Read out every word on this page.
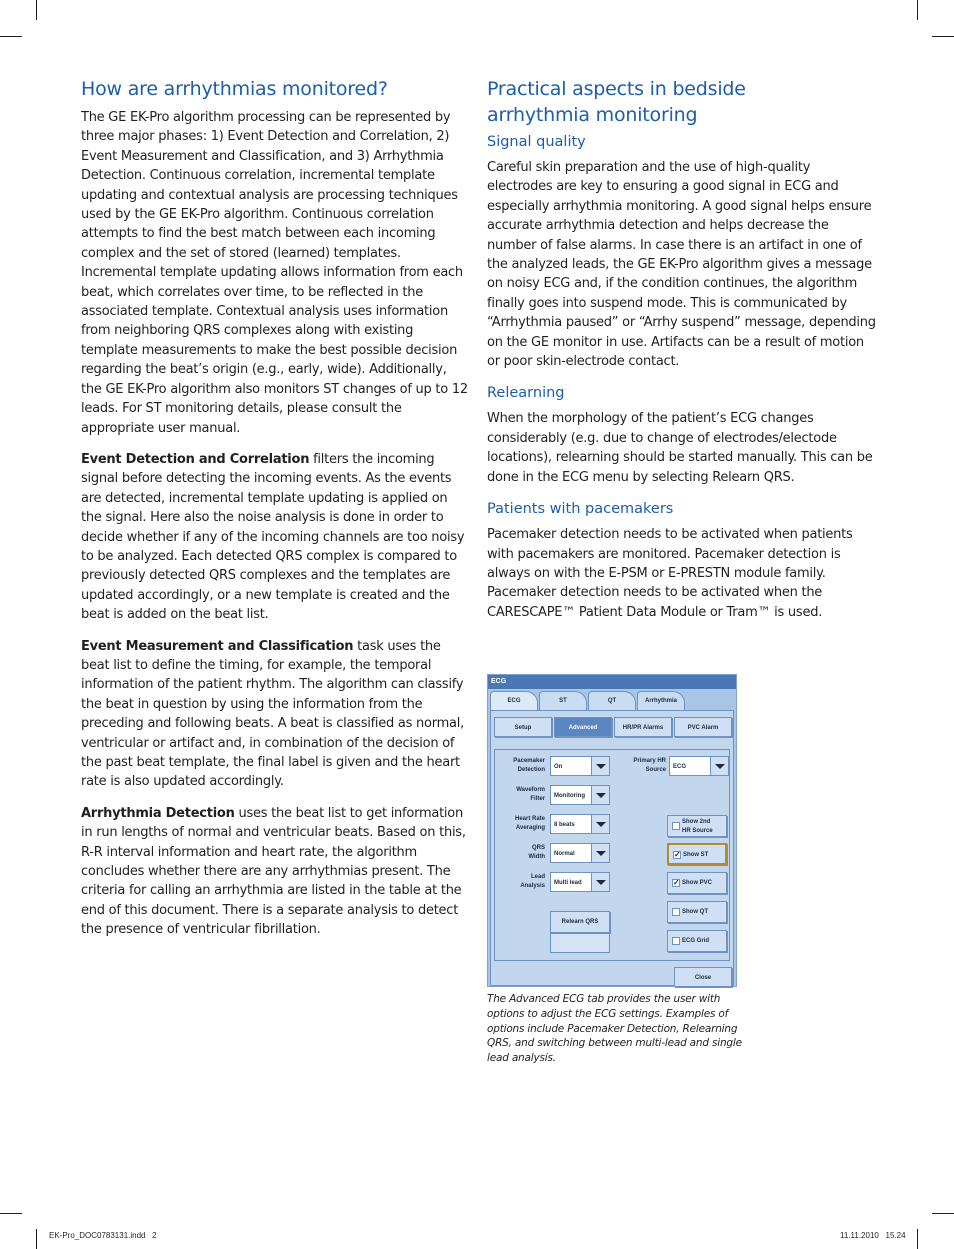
How are arrhythmias monitored?

The GE EK-Pro algorithm processing can be represented by three major phases: 1) Event Detection and Correlation, 2) Event Measurement and Classification, and 3) Arrhythmia Detection. Continuous correlation, incremental template updating and contextual analysis are processing techniques used by the GE EK-Pro algorithm. Continuous correlation attempts to find the best match between each incoming complex and the set of stored (learned) templates. Incremental template updating allows information from each beat, which correlates over time, to be reflected in the associated template. Contextual analysis uses information from neighboring QRS complexes along with existing template measurements to make the best possible decision regarding the beat’s origin (e.g., early, wide). Additionally, the GE EK-Pro algorithm also monitors ST changes of up to 12 leads. For ST monitoring details, please consult the appropriate user manual.

Event Detection and Correlation filters the incoming signal before detecting the incoming events. As the events are detected, incremental template updating is applied on the signal. Here also the noise analysis is done in order to decide whether if any of the incoming channels are too noisy to be analyzed. Each detected QRS complex is compared to previously detected QRS complexes and the templates are updated accordingly, or a new template is created and the beat is added on the beat list.

Event Measurement and Classification task uses the beat list to define the timing, for example, the temporal information of the patient rhythm. The algorithm can classify the beat in question by using the information from the preceding and following beats. A beat is classified as normal, ventricular or artifact and, in combination of the decision of the past beat template, the final label is given and the heart rate is also updated accordingly.

Arrhythmia Detection uses the beat list to get information in run lengths of normal and ventricular beats. Based on this, R-R interval information and heart rate, the algorithm concludes whether there are any arrhythmias present. The criteria for calling an arrhythmia are listed in the table at the end of this document. There is a separate analysis to detect the presence of ventricular fibrillation.

Practical aspects in bedside arrhythmia monitoring
Signal quality

Careful skin preparation and the use of high-quality electrodes are key to ensuring a good signal in ECG and especially arrhythmia monitoring. A good signal helps ensure accurate arrhythmia detection and helps decrease the number of false alarms. In case there is an artifact in one of the analyzed leads, the GE EK-Pro algorithm gives a message on noisy ECG and, if the condition continues, the algorithm finally goes into suspend mode. This is communicated by “Arrhythmia paused” or “Arrhy suspend” message, depending on the GE monitor in use. Artifacts can be a result of motion or poor skin-electrode contact.

Relearning

When the morphology of the patient’s ECG changes considerably (e.g. due to change of electrodes/electode locations), relearning should be started manually. This can be done in the ECG menu by selecting Relearn QRS.

Patients with pacemakers

Pacemaker detection needs to be activated when patients with pacemakers are monitored. Pacemaker detection is always on with the E-PSM or E-PRESTN module family. Pacemaker detection needs to be activated when the CARESCAPE™ Patient Data Module or Tram™ is used.

ECG
ECG	ST	QT	Arrhythmia
Setup	Advanced	HR/PR Alarms	PVC Alarm
Pacemaker
Detection On
Primary HR
Source ECG
Waveform
Filter Monitoring
Heart Rate
Averaging 8 beats
QRS
Width Normal
Lead
Analysis Multi lead
Relearn QRS
Show 2nd
HR Source
✓ Show ST
✓ Show PVC
Show QT
ECG Grid
Close

The Advanced ECG tab provides the user with options to adjust the ECG settings. Examples of options include Pacemaker Detection, Relearning QRS, and switching between multi-lead and single lead analysis.

EK-Pro_DOC0783131.indd   2	11.11.2010   15.24
